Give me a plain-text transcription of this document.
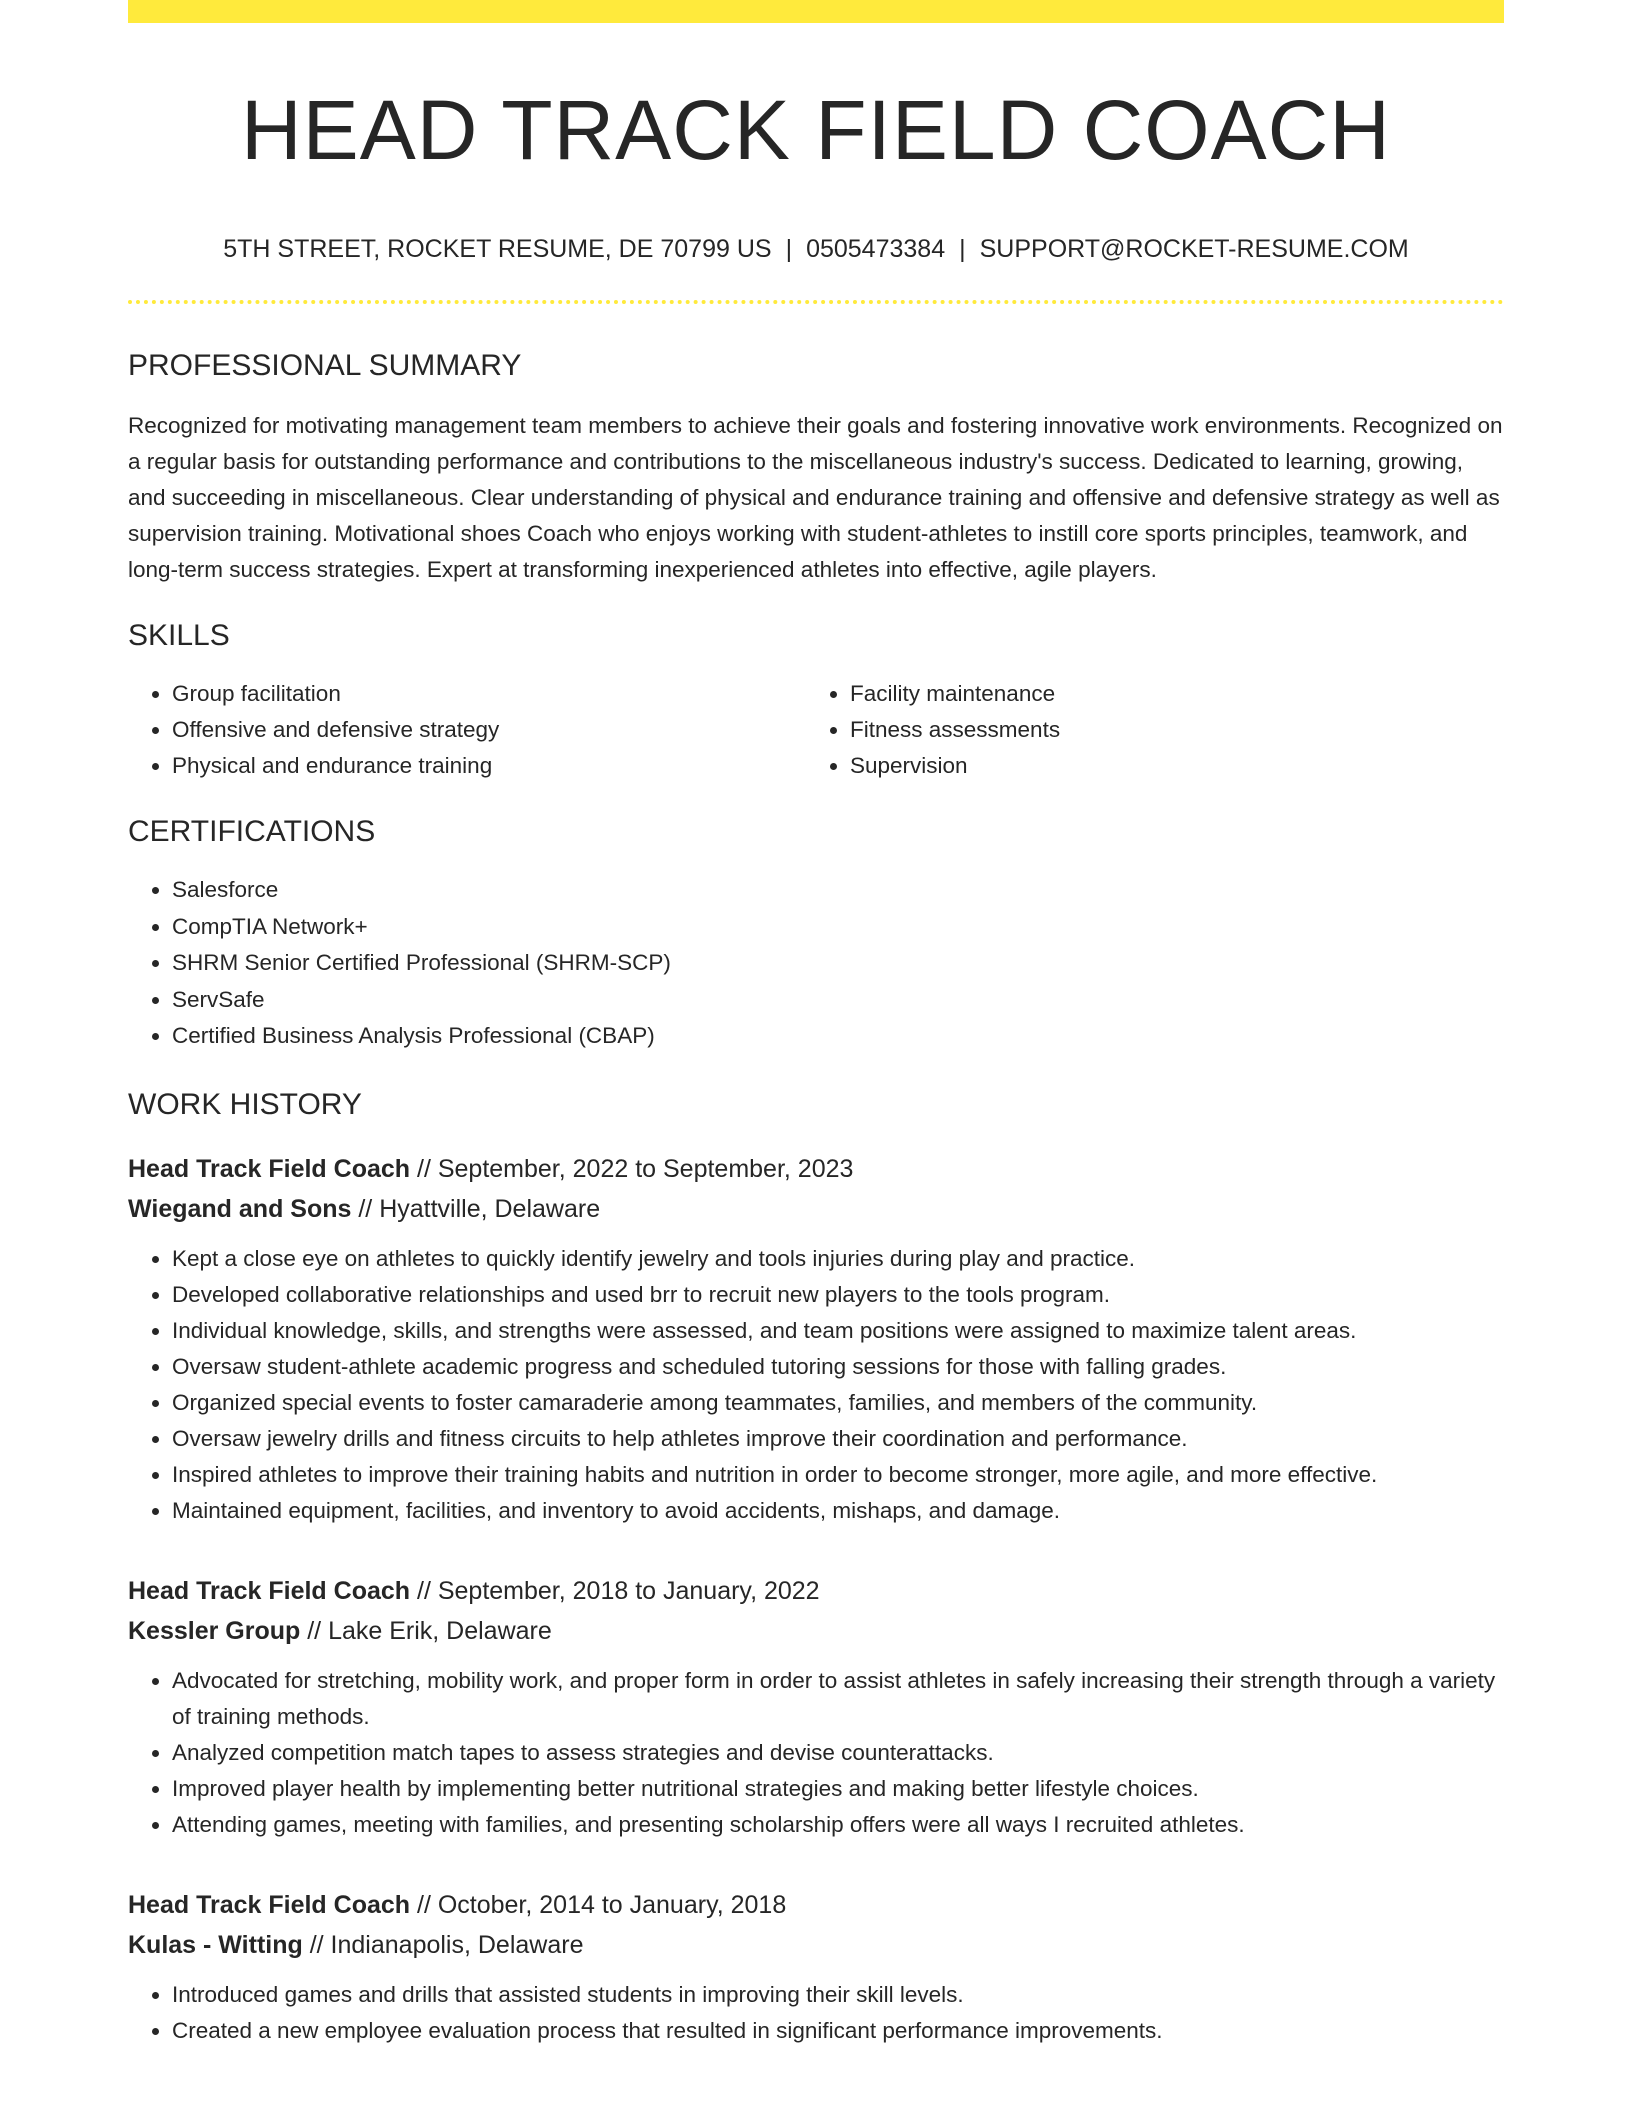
HEAD TRACK FIELD COACH
5TH STREET, ROCKET RESUME, DE 70799 US | 0505473384 | SUPPORT@ROCKET-RESUME.COM
PROFESSIONAL SUMMARY

Recognized for motivating management team members to achieve their goals and fostering innovative work environments. Recognized on a regular basis for outstanding performance and contributions to the miscellaneous industry's success. Dedicated to learning, growing, and succeeding in miscellaneous. Clear understanding of physical and endurance training and offensive and defensive strategy as well as supervision training. Motivational shoes Coach who enjoys working with student-athletes to instill core sports principles, teamwork, and long-term success strategies. Expert at transforming inexperienced athletes into effective, agile players.

SKILLS
• Group facilitation
• Offensive and defensive strategy
• Physical and endurance training
• Facility maintenance
• Fitness assessments
• Supervision
CERTIFICATIONS
• Salesforce
• CompTIA Network+
• SHRM Senior Certified Professional (SHRM-SCP)
• ServSafe
• Certified Business Analysis Professional (CBAP)
WORK HISTORY
Head Track Field Coach // September, 2022 to September, 2023
Wiegand and Sons // Hyattville, Delaware
• Kept a close eye on athletes to quickly identify jewelry and tools injuries during play and practice.
• Developed collaborative relationships and used brr to recruit new players to the tools program.
• Individual knowledge, skills, and strengths were assessed, and team positions were assigned to maximize talent areas.
• Oversaw student-athlete academic progress and scheduled tutoring sessions for those with falling grades.
• Organized special events to foster camaraderie among teammates, families, and members of the community.
• Oversaw jewelry drills and fitness circuits to help athletes improve their coordination and performance.
• Inspired athletes to improve their training habits and nutrition in order to become stronger, more agile, and more effective.
• Maintained equipment, facilities, and inventory to avoid accidents, mishaps, and damage.
Head Track Field Coach // September, 2018 to January, 2022
Kessler Group // Lake Erik, Delaware
• Advocated for stretching, mobility work, and proper form in order to assist athletes in safely increasing their strength through a variety of training methods.
• Analyzed competition match tapes to assess strategies and devise counterattacks.
• Improved player health by implementing better nutritional strategies and making better lifestyle choices.
• Attending games, meeting with families, and presenting scholarship offers were all ways I recruited athletes.
Head Track Field Coach // October, 2014 to January, 2018
Kulas - Witting // Indianapolis, Delaware
• Introduced games and drills that assisted students in improving their skill levels.
• Created a new employee evaluation process that resulted in significant performance improvements.
